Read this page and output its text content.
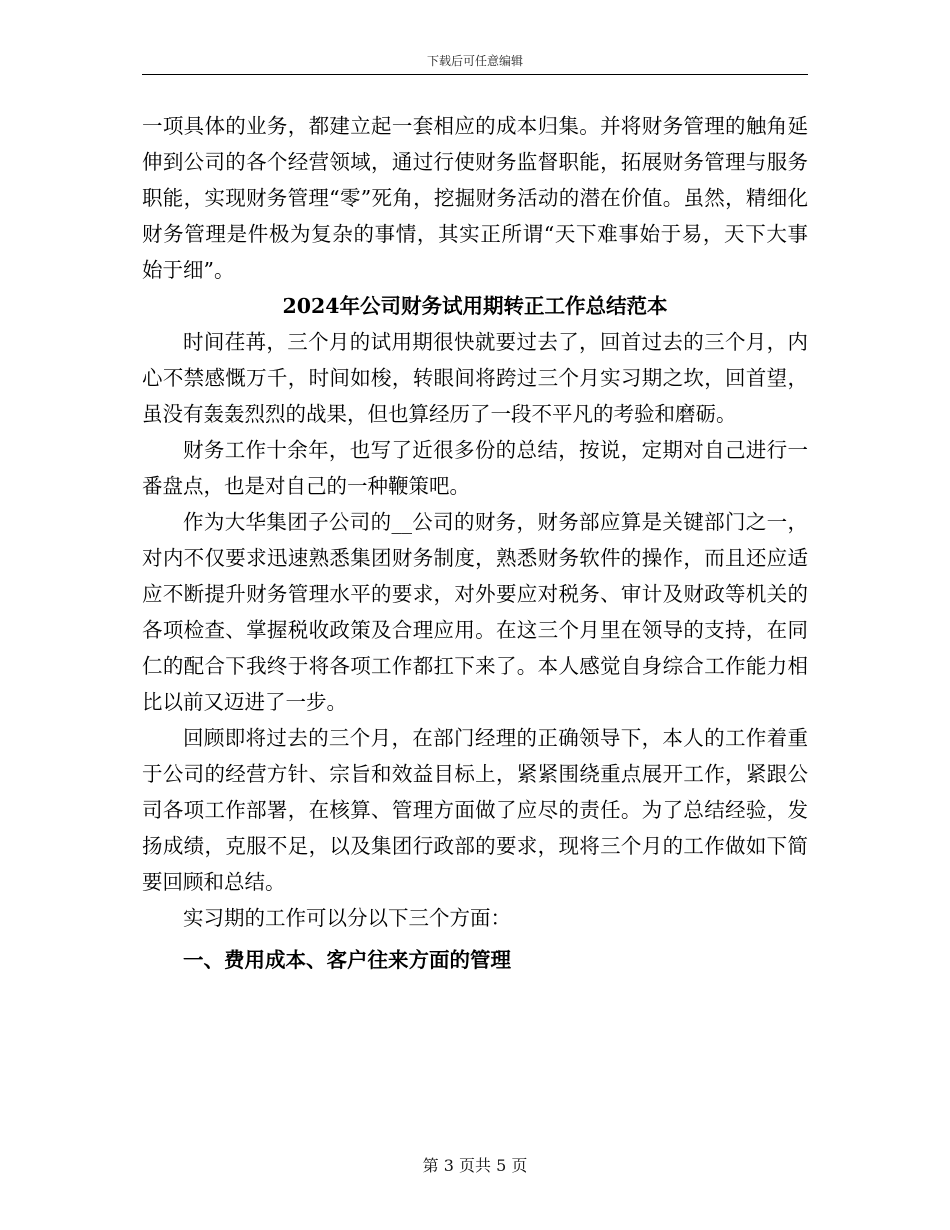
下载后可任意编辑

一项具体的业务，都建立起一套相应的成本归集。并将财务管理的触角延伸到公司的各个经营领域，通过行使财务监督职能，拓展财务管理与服务职能，实现财务管理“零”死角，挖掘财务活动的潜在价值。虽然，精细化财务管理是件极为复杂的事情，其实正所谓“天下难事始于易，天下大事始于细”。

2024年公司财务试用期转正工作总结范本

时间荏苒，三个月的试用期很快就要过去了，回首过去的三个月，内心不禁感慨万千，时间如梭，转眼间将跨过三个月实习期之坎，回首望，虽没有轰轰烈烈的战果，但也算经历了一段不平凡的考验和磨砺。

财务工作十余年，也写了近很多份的总结，按说，定期对自己进行一番盘点，也是对自己的一种鞭策吧。

作为大华集团子公司的__公司的财务，财务部应算是关键部门之一，对内不仅要求迅速熟悉集团财务制度，熟悉财务软件的操作，而且还应适应不断提升财务管理水平的要求，对外要应对税务、审计及财政等机关的各项检查、掌握税收政策及合理应用。在这三个月里在领导的支持，在同仁的配合下我终于将各项工作都扛下来了。本人感觉自身综合工作能力相比以前又迈进了一步。

回顾即将过去的三个月，在部门经理的正确领导下，本人的工作着重于公司的经营方针、宗旨和效益目标上，紧紧围绕重点展开工作，紧跟公司各项工作部署，在核算、管理方面做了应尽的责任。为了总结经验，发扬成绩，克服不足，以及集团行政部的要求，现将三个月的工作做如下简要回顾和总结。

实习期的工作可以分以下三个方面：

一、费用成本、客户往来方面的管理

第 3 页共 5 页
